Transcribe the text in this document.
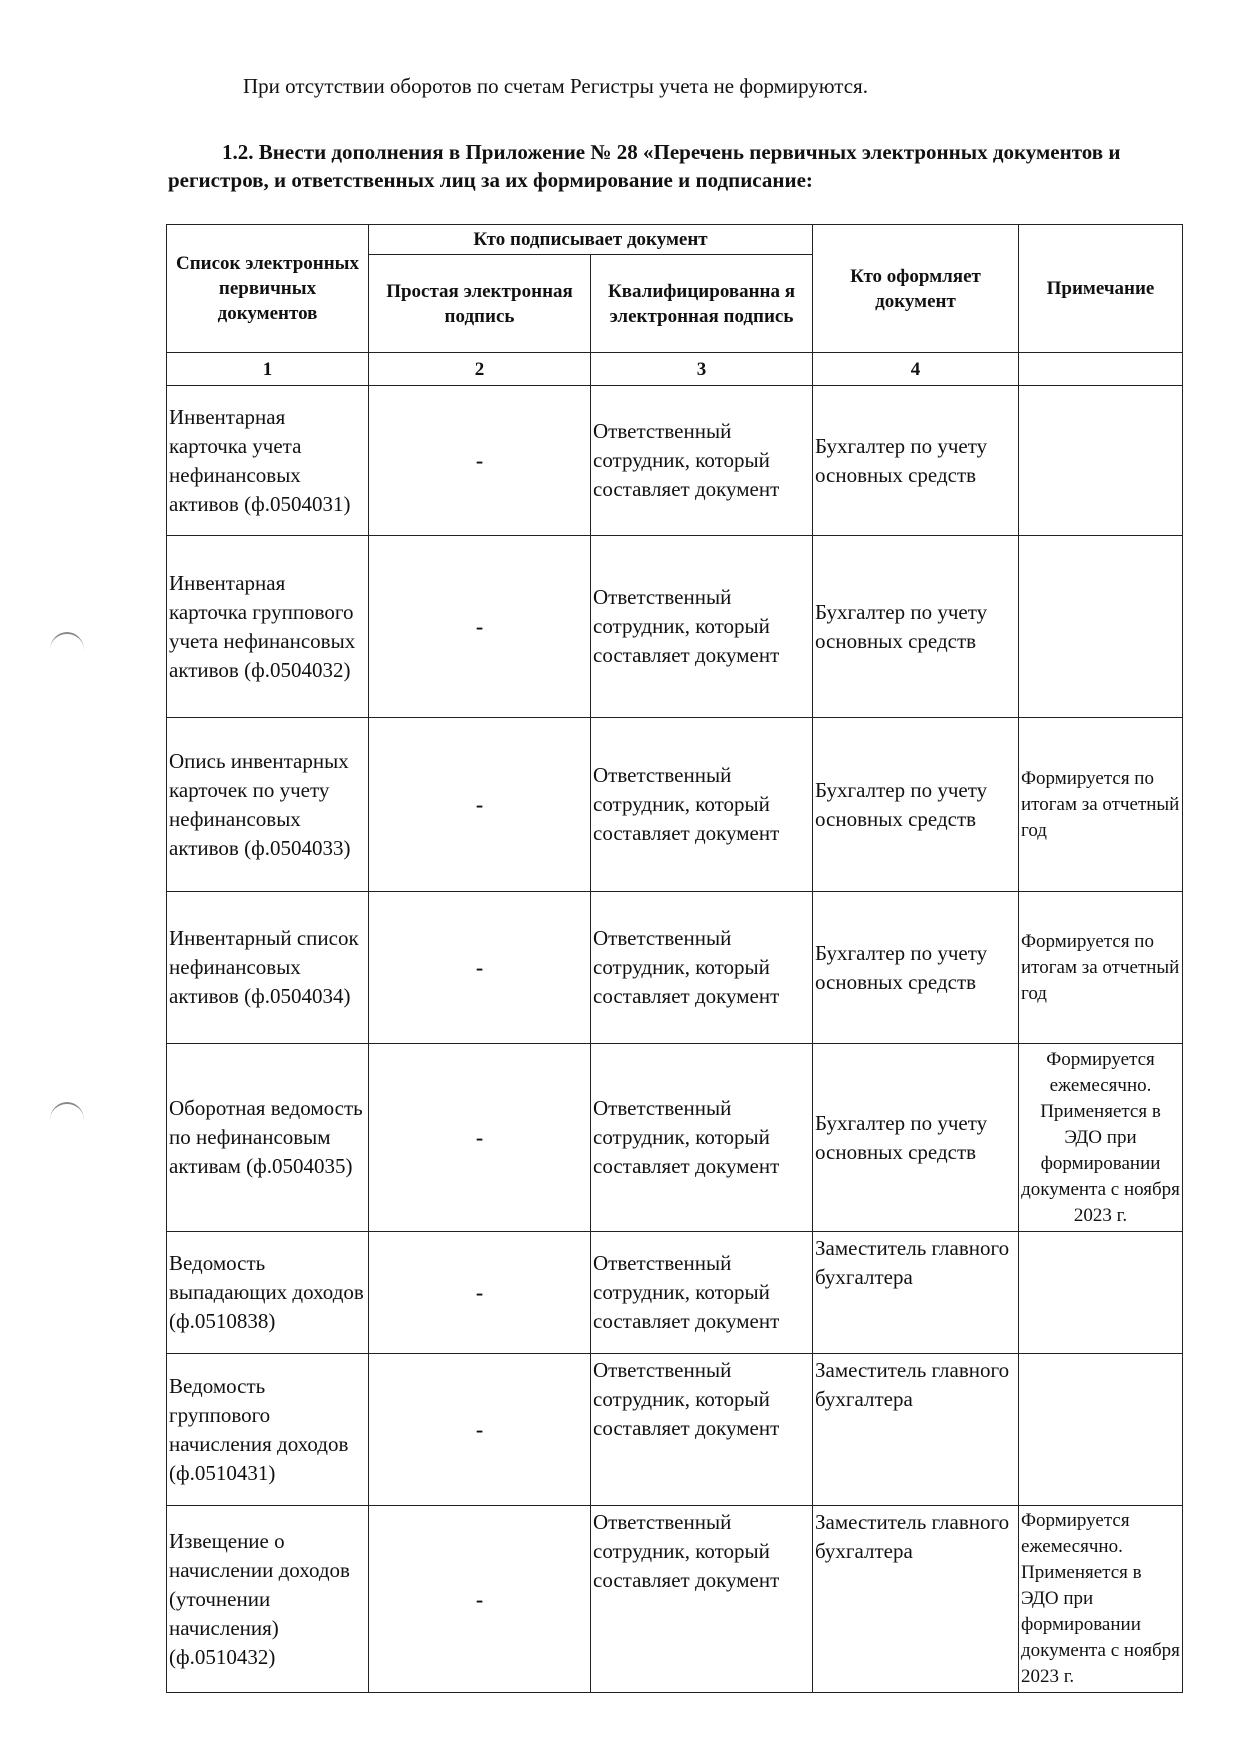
При отсутствии оборотов по счетам Регистры учета не формируются.

1.2. Внести дополнения в Приложение № 28 «Перечень первичных электронных документов и регистров, и ответственных лиц за их формирование и подписание:

Список электронных первичных документов	Кто подписывает документ		Кто оформляет документ	Примечание
	Простая электронная подпись	Квалифицированна я электронная подпись		
1	2	3	4	
Инвентарная карточка учета нефинансовых активов (ф.0504031)	-	Ответственный сотрудник, который составляет документ	Бухгалтер по учету основных средств	
Инвентарная карточка группового учета нефинансовых активов (ф.0504032)	-	Ответственный сотрудник, который составляет документ	Бухгалтер по учету основных средств	
Опись инвентарных карточек по учету нефинансовых активов (ф.0504033)	-	Ответственный сотрудник, который составляет документ	Бухгалтер по учету основных средств	Формируется по итогам за отчетный год
Инвентарный список нефинансовых активов (ф.0504034)	-	Ответственный сотрудник, который составляет документ	Бухгалтер по учету основных средств	Формируется по итогам за отчетный год
Оборотная ведомость по нефинансовым активам (ф.0504035)	-	Ответственный сотрудник, который составляет документ	Бухгалтер по учету основных средств	Формируется ежемесячно. Применяется в ЭДО при формировании документа с ноября 2023 г.
Ведомость выпадающих доходов (ф.0510838)	-	Ответственный сотрудник, который составляет документ	Заместитель главного бухгалтера	
Ведомость группового начисления доходов (ф.0510431)	-	Ответственный сотрудник, который составляет документ	Заместитель главного бухгалтера	
Извещение о начислении доходов (уточнении начисления) (ф.0510432)	-	Ответственный сотрудник, который составляет документ	Заместитель главного бухгалтера	Формируется ежемесячно. Применяется в ЭДО при формировании документа с ноября 2023 г.
